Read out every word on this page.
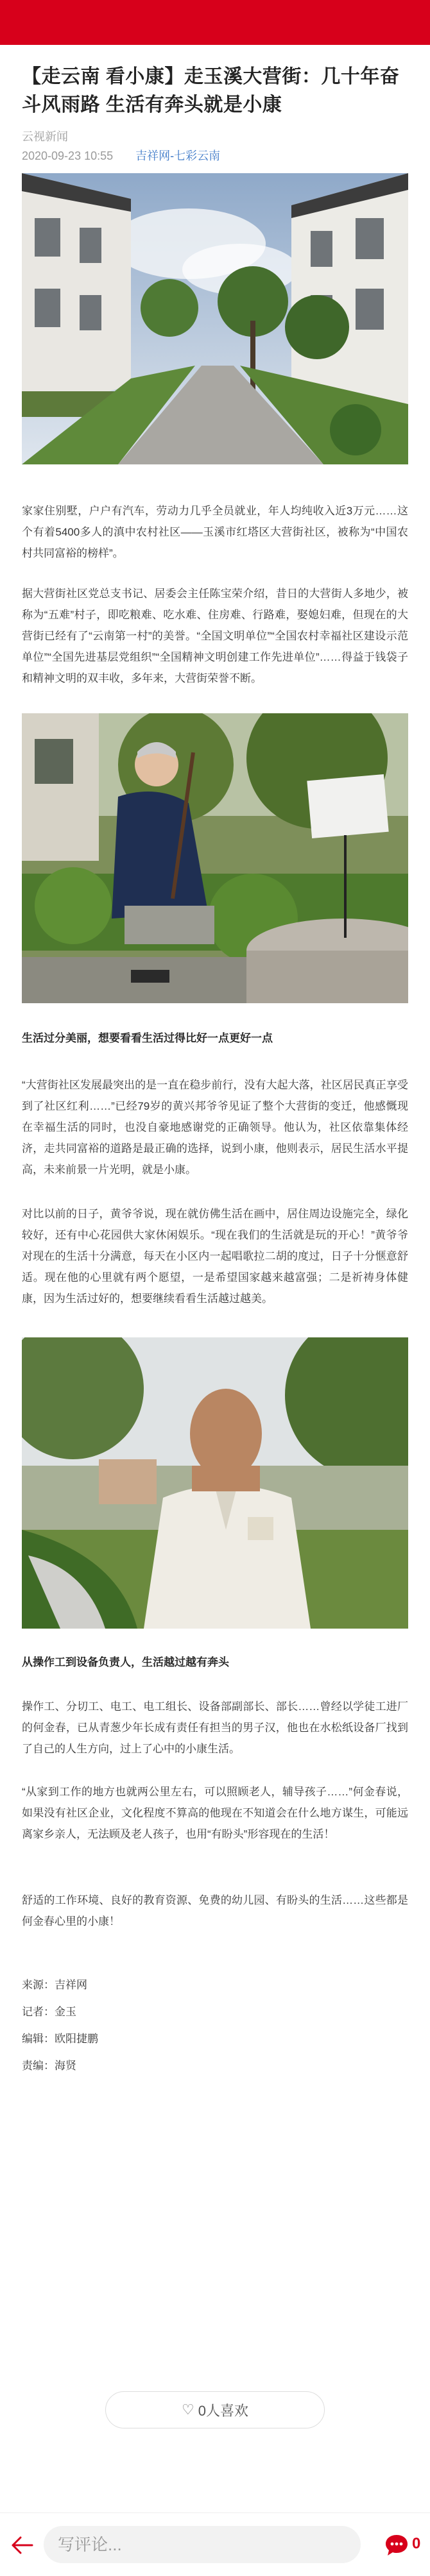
【走云南 看小康】走玉溪大营街：几十年奋斗风雨路 生活有奔头就是小康
云视新闻
2020-09-23 10:55 吉祥网-七彩云南

家家住别墅，户户有汽车，劳动力几乎全员就业，年人均纯收入近3万元……这个有着5400多人的滇中农村社区——玉溪市红塔区大营街社区，被称为“中国农村共同富裕的榜样”。

据大营街社区党总支书记、居委会主任陈宝荣介绍，昔日的大营街人多地少，被称为“五难”村子，即吃粮难、吃水难、住房难、行路难，娶媳妇难，但现在的大营街已经有了“云南第一村”的美誉。“全国文明单位”“全国农村幸福社区建设示范单位”“全国先进基层党组织”“全国精神文明创建工作先进单位”……得益于钱袋子和精神文明的双丰收，多年来，大营街荣誉不断。

生活过分美丽，想要看看生活过得比好一点更好一点

“大营街社区发展最突出的是一直在稳步前行，没有大起大落，社区居民真正享受到了社区红利……”已经79岁的黄兴邦爷爷见证了整个大营街的变迁，他感慨现在幸福生活的同时，也没自豪地感谢党的正确领导。他认为，社区依靠集体经济，走共同富裕的道路是最正确的选择，说到小康，他则表示，居民生活水平提高，未来前景一片光明，就是小康。

对比以前的日子，黄爷爷说，现在就仿佛生活在画中，居住周边设施完全，绿化较好，还有中心花园供大家休闲娱乐。“现在我们的生活就是玩的开心！”黄爷爷对现在的生活十分满意，每天在小区内一起唱歌拉二胡的度过，日子十分惬意舒适。现在他的心里就有两个愿望，一是希望国家越来越富强；二是祈祷身体健康，因为生活过好的，想要继续看看生活越过越美。

从操作工到设备负责人，生活越过越有奔头

操作工、分切工、电工、电工组长、设备部副部长、部长……曾经以学徒工进厂的何金春，已从青葱少年长成有责任有担当的男子汉，他也在水松纸设备厂找到了自己的人生方向，过上了心中的小康生活。

“从家到工作的地方也就两公里左右，可以照顾老人，辅导孩子……”何金春说，如果没有社区企业，文化程度不算高的他现在不知道会在什么地方谋生，可能远离家乡亲人，无法顾及老人孩子，也用“有盼头”形容现在的生活！

舒适的工作环境、良好的教育资源、免费的幼儿园、有盼头的生活……这些都是何金春心里的小康！

来源：吉祥网
记者：金玉
编辑：欧阳捷鹏
责编：海贤
♡ 0人喜欢
写评论...	0
